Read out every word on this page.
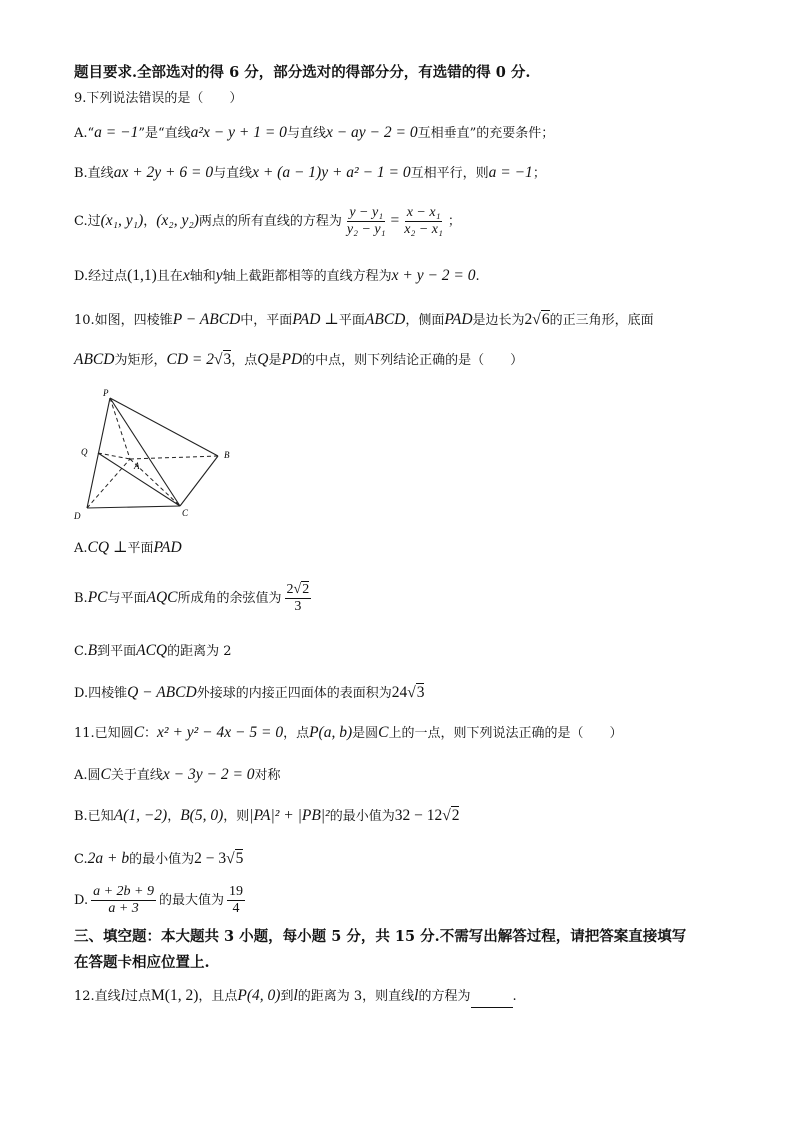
题目要求.全部选对的得 6 分，部分选对的得部分分，有选错的得 0 分.
9.下列说法错误的是（　　）
A.“a = −1”是“直线a²x − y + 1 = 0与直线x − ay − 2 = 0互相垂直”的充要条件；
B.直线ax + 2y + 6 = 0与直线x + (a − 1)y + a² − 1 = 0互相平行，则a = −1；
C.过(x₁, y₁)，(x₂, y₂)两点的所有直线的方程为 $\frac{\text{y − y₁}}{\text{y₂ − y₁}} = \frac{\text{x − x₁}}{\text{x₂ − x₁}}$ ；
D.经过点(1,1)且在x轴和y轴上截距都相等的直线方程为x + y − 2 = 0.
10.如图，四棱锥P − ABCD中，平面PAD ⊥平面ABCD，侧面PAD是边长为2√6的正三角形，底面
ABCD为矩形，CD = 2√3，点Q是PD的中点，则下列结论正确的是（　　）
P
Q
A
B
C
D
A.CQ ⊥平面PAD
B.PC与平面AQC所成角的余弦值为 $\frac{2√2}{3}$
C.B到平面ACQ的距离为 2
D.四棱锥Q − ABCD外接球的内接正四面体的表面积为24√3
11.已知圆C：x² + y² − 4x − 5 = 0，点P(a, b)是圆C上的一点，则下列说法正确的是（　　）
A.圆C关于直线x − 3y − 2 = 0对称
B.已知A(1, −2)，B(5, 0)，则|PA|² + |PB|²的最小值为32 − 12√2
C.2a + b的最小值为2 − 3√5
D. $\frac{a + 2b + 9}{a + 3}$ 的最大值为 $\frac{19}{4}$
三、填空题：本大题共 3 小题，每小题 5 分，共 15 分.不需写出解答过程，请把答案直接填写
在答题卡相应位置上.
12.直线l过点M(1, 2)，且点P(4, 0)到l的距离为 3，则直线l的方程为	.
